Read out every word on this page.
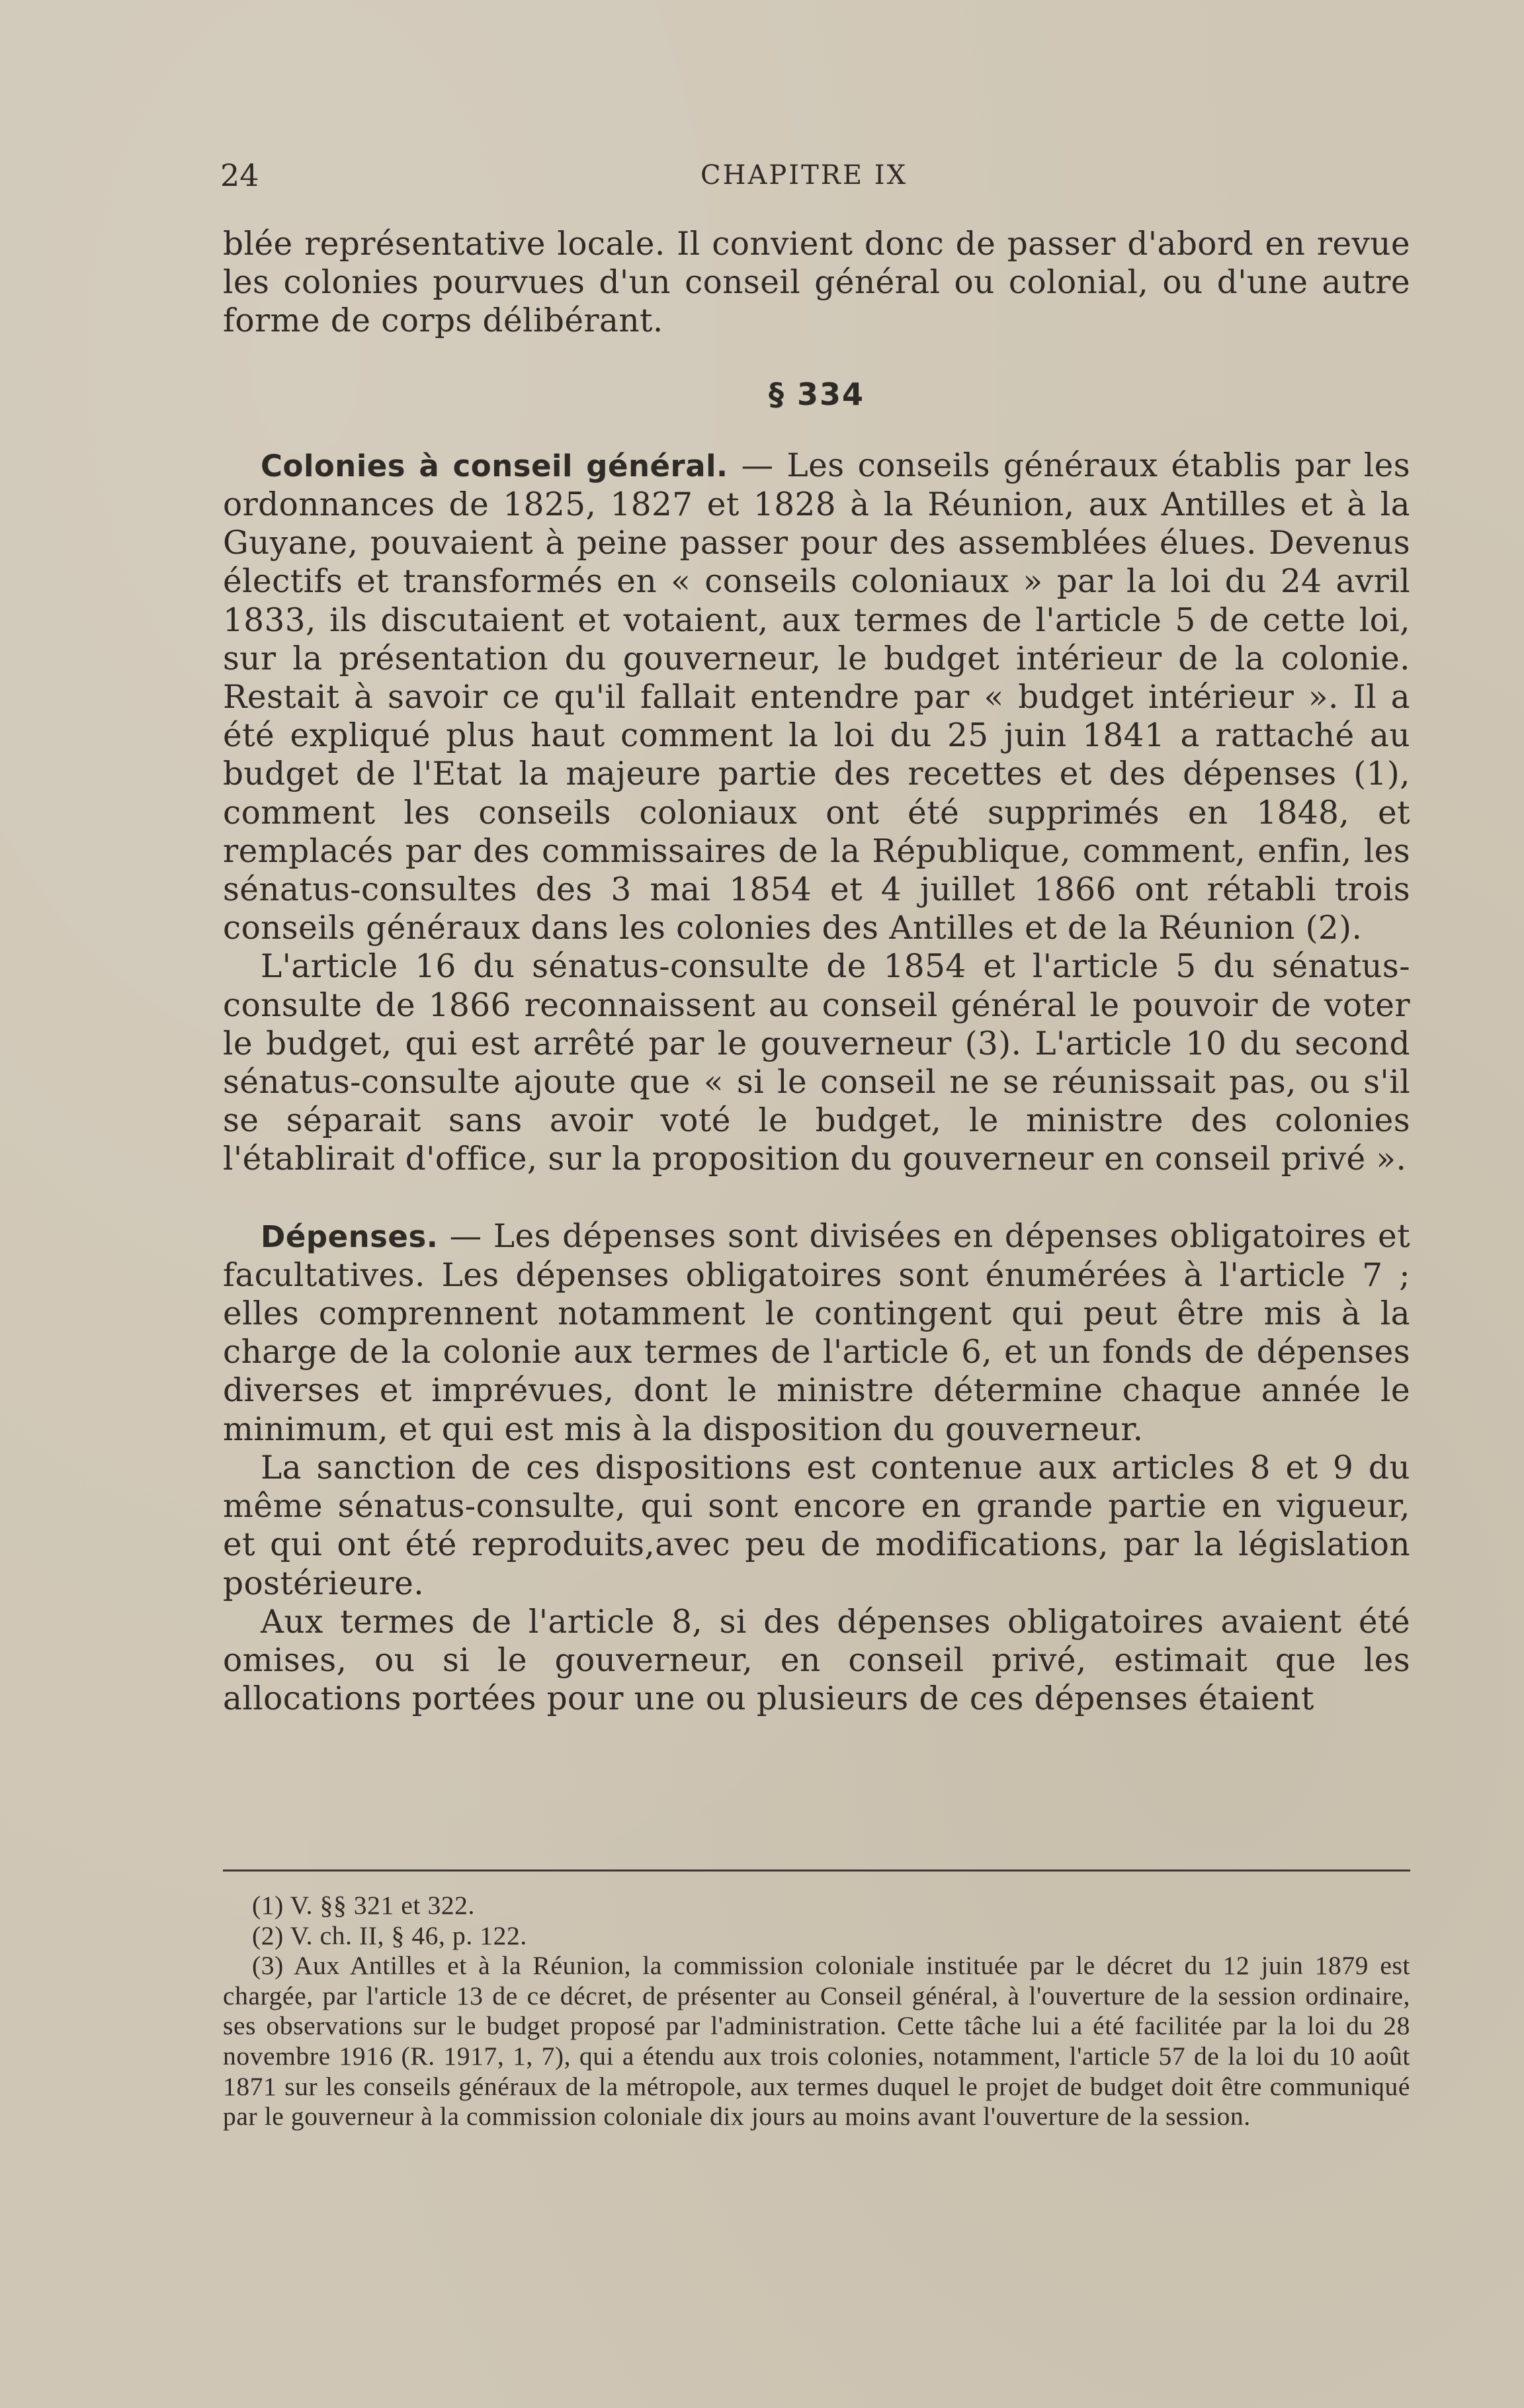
24	CHAPITRE IX

blée représentative locale. Il convient donc de passer d'abord en revue les colonies pourvues d'un conseil général ou colonial, ou d'une autre forme de corps délibérant.

§ 334

Colonies à conseil général. — Les conseils généraux établis par les ordonnances de 1825, 1827 et 1828 à la Réunion, aux Antilles et à la Guyane, pouvaient à peine passer pour des assemblées élues. Devenus électifs et transformés en « conseils coloniaux » par la loi du 24 avril 1833, ils discutaient et votaient, aux termes de l'article 5 de cette loi, sur la présentation du gouverneur, le budget intérieur de la colonie. Restait à savoir ce qu'il fallait entendre par « budget intérieur ». Il a été expliqué plus haut comment la loi du 25 juin 1841 a rattaché au budget de l'Etat la majeure partie des recettes et des dépenses (1), comment les conseils coloniaux ont été supprimés en 1848, et remplacés par des commissaires de la République, comment, enfin, les sénatus-consultes des 3 mai 1854 et 4 juillet 1866 ont rétabli trois conseils généraux dans les colonies des Antilles et de la Réunion (2).

L'article 16 du sénatus-consulte de 1854 et l'article 5 du sénatus-consulte de 1866 reconnaissent au conseil général le pouvoir de voter le budget, qui est arrêté par le gouverneur (3). L'article 10 du second sénatus-consulte ajoute que « si le conseil ne se réunissait pas, ou s'il se séparait sans avoir voté le budget, le ministre des colonies l'établirait d'office, sur la proposition du gouverneur en conseil privé ».

Dépenses. — Les dépenses sont divisées en dépenses obligatoires et facultatives. Les dépenses obligatoires sont énumérées à l'article 7 ; elles comprennent notamment le contingent qui peut être mis à la charge de la colonie aux termes de l'article 6, et un fonds de dépenses diverses et imprévues, dont le ministre détermine chaque année le minimum, et qui est mis à la disposition du gouverneur.

La sanction de ces dispositions est contenue aux articles 8 et 9 du même sénatus-consulte, qui sont encore en grande partie en vigueur, et qui ont été reproduits,avec peu de modifications, par la législation postérieure.

Aux termes de l'article 8, si des dépenses obligatoires avaient été omises, ou si le gouverneur, en conseil privé, estimait que les allocations portées pour une ou plusieurs de ces dépenses étaient

(1) V. §§ 321 et 322.

(2) V. ch. II, § 46, p. 122.

(3) Aux Antilles et à la Réunion, la commission coloniale instituée par le décret du 12 juin 1879 est chargée, par l'article 13 de ce décret, de présenter au Conseil général, à l'ouverture de la session ordinaire, ses observations sur le budget proposé par l'administration. Cette tâche lui a été facilitée par la loi du 28 novembre 1916 (R. 1917, 1, 7), qui a étendu aux trois colonies, notamment, l'article 57 de la loi du 10 août 1871 sur les conseils généraux de la métropole, aux termes duquel le projet de budget doit être communiqué par le gouverneur à la commission coloniale dix jours au moins avant l'ouverture de la session.
